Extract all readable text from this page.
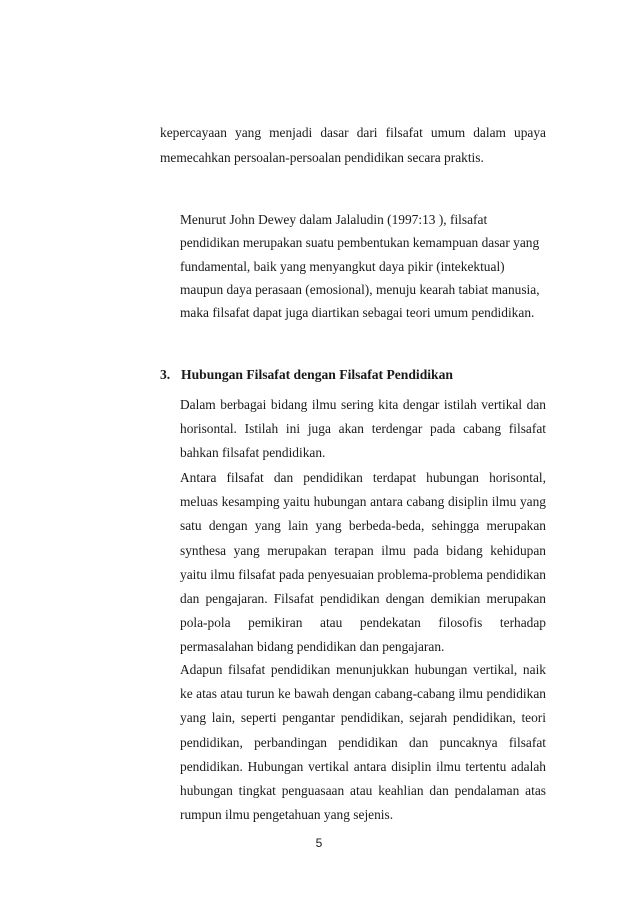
kepercayaan yang menjadi dasar dari filsafat umum dalam upaya memecahkan persoalan-persoalan pendidikan secara praktis.

Menurut John Dewey dalam Jalaludin (1997:13 ), filsafat pendidikan merupakan suatu pembentukan kemampuan dasar yang fundamental, baik yang menyangkut daya pikir (intekektual) maupun daya perasaan (emosional), menuju kearah tabiat manusia, maka filsafat dapat juga diartikan sebagai teori umum pendidikan.

3. Hubungan Filsafat dengan Filsafat Pendidikan

Dalam berbagai bidang ilmu sering kita dengar istilah vertikal dan horisontal. Istilah ini juga akan terdengar pada cabang filsafat bahkan filsafat pendidikan.

Antara filsafat dan pendidikan terdapat hubungan horisontal, meluas kesamping yaitu hubungan antara cabang disiplin ilmu yang satu dengan yang lain yang berbeda-beda, sehingga merupakan synthesa yang merupakan terapan ilmu pada bidang kehidupan yaitu ilmu filsafat pada penyesuaian problema-problema pendidikan dan pengajaran. Filsafat pendidikan dengan demikian merupakan pola-pola pemikiran atau pendekatan filosofis terhadap permasalahan bidang pendidikan dan pengajaran.

Adapun filsafat pendidikan menunjukkan hubungan vertikal, naik ke atas atau turun ke bawah dengan cabang-cabang ilmu pendidikan yang lain, seperti pengantar pendidikan, sejarah pendidikan, teori pendidikan, perbandingan pendidikan dan puncaknya filsafat pendidikan. Hubungan vertikal antara disiplin ilmu tertentu adalah hubungan tingkat penguasaan atau keahlian dan pendalaman atas rumpun ilmu pengetahuan yang sejenis.

5
